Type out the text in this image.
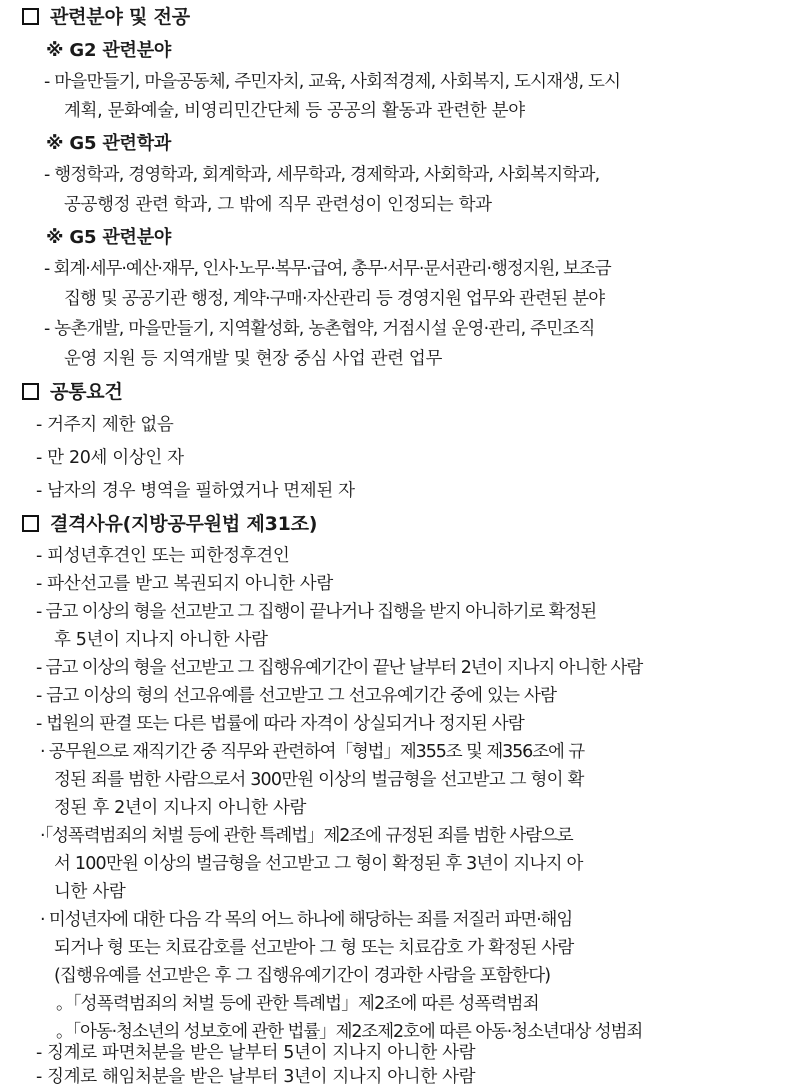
관련분야 및 전공
※ G2 관련분야
- 마을만들기, 마을공동체, 주민자치, 교육, 사회적경제, 사회복지, 도시재생, 도시
계획, 문화예술, 비영리민간단체 등 공공의 활동과 관련한 분야
※ G5 관련학과
- 행정학과, 경영학과, 회계학과, 세무학과, 경제학과, 사회학과, 사회복지학과,
공공행정 관련 학과, 그 밖에 직무 관련성이 인정되는 학과
※ G5 관련분야
- 회계·세무·예산·재무, 인사·노무·복무·급여, 총무·서무·문서관리·행정지원, 보조금
집행 및 공공기관 행정, 계약·구매·자산관리 등 경영지원 업무와 관련된 분야
- 농촌개발, 마을만들기, 지역활성화, 농촌협약, 거점시설 운영·관리, 주민조직
운영 지원 등 지역개발 및 현장 중심 사업 관련 업무
공통요건
- 거주지 제한 없음
- 만 20세 이상인 자
- 남자의 경우 병역을 필하였거나 면제된 자
결격사유(지방공무원법 제31조)
- 피성년후견인 또는 피한정후견인
- 파산선고를 받고 복권되지 아니한 사람
- 금고 이상의 형을 선고받고 그 집행이 끝나거나 집행을 받지 아니하기로 확정된
후 5년이 지나지 아니한 사람
- 금고 이상의 형을 선고받고 그 집행유예기간이 끝난 날부터 2년이 지나지 아니한 사람
- 금고 이상의 형의 선고유예를 선고받고 그 선고유예기간 중에 있는 사람
- 법원의 판결 또는 다른 법률에 따라 자격이 상실되거나 정지된 사람
· 공무원으로 재직기간 중 직무와 관련하여「형법」제355조 및 제356조에 규
정된 죄를 범한 사람으로서 300만원 이상의 벌금형을 선고받고 그 형이 확
정된 후 2년이 지나지 아니한 사람
·「성폭력범죄의 처벌 등에 관한 특례법」제2조에 규정된 죄를 범한 사람으로
서 100만원 이상의 벌금형을 선고받고 그 형이 확정된 후 3년이 지나지 아
니한 사람
· 미성년자에 대한 다음 각 목의 어느 하나에 해당하는 죄를 저질러 파면·해임
되거나 형 또는 치료감호를 선고받아 그 형 또는 치료감호 가 확정된 사람
(집행유예를 선고받은 후 그 집행유예기간이 경과한 사람을 포함한다)
。「성폭력범죄의 처벌 등에 관한 특례법」제2조에 따른 성폭력범죄
。「아동·청소년의 성보호에 관한 법률」제2조제2호에 따른 아동·청소년대상 성범죄
- 징계로 파면처분을 받은 날부터 5년이 지나지 아니한 사람
- 징계로 해임처분을 받은 날부터 3년이 지나지 아니한 사람
